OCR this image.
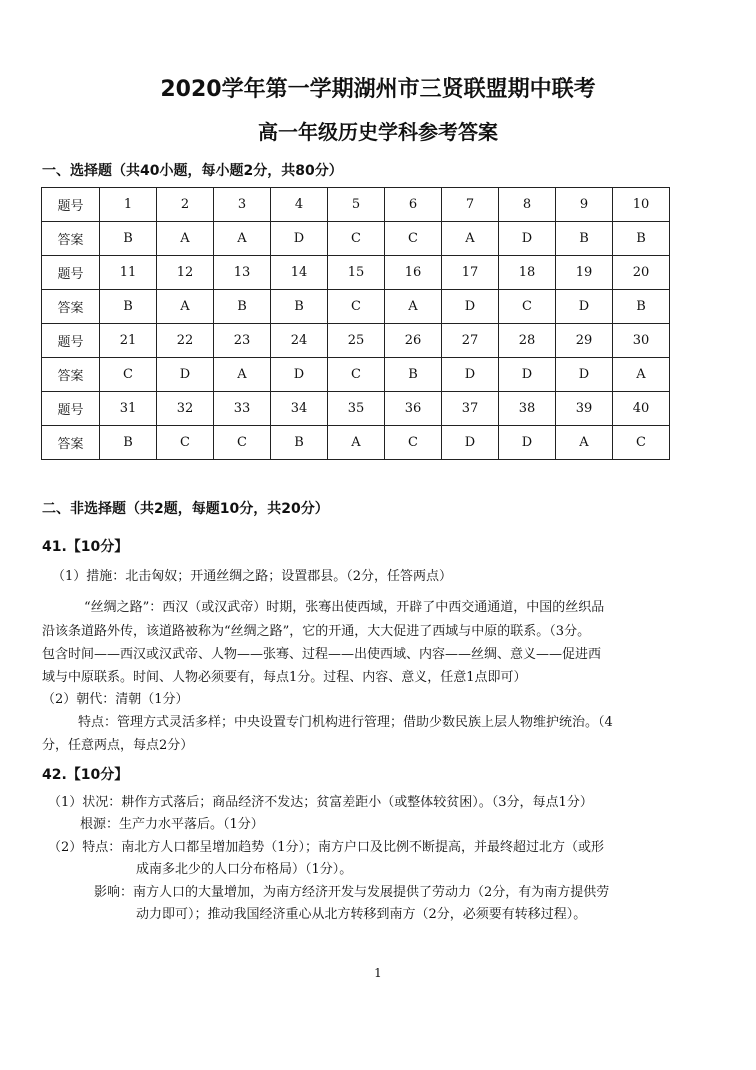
2020学年第一学期湖州市三贤联盟期中联考
高一年级历史学科参考答案
一、选择题（共40小题，每小题2分，共80分）
题号	1	2	3	4	5	6	7	8	9	10
答案	B	A	A	D	C	C	A	D	B	B
题号	11	12	13	14	15	16	17	18	19	20
答案	B	A	B	B	C	A	D	C	D	B
题号	21	22	23	24	25	26	27	28	29	30
答案	C	D	A	D	C	B	D	D	D	A
题号	31	32	33	34	35	36	37	38	39	40
答案	B	C	C	B	A	C	D	D	A	C
二、非选择题（共2题，每题10分，共20分）
41.【10分】
（1）措施：北击匈奴；开通丝绸之路；设置郡县。（2分，任答两点）
“丝绸之路”：西汉（或汉武帝）时期，张骞出使西域，开辟了中西交通通道，中国的丝织品
沿该条道路外传，该道路被称为“丝绸之路”，它的开通，大大促进了西域与中原的联系。（3分。
包含时间——西汉或汉武帝、人物——张骞、过程——出使西域、内容——丝绸、意义——促进西
域与中原联系。时间、人物必须要有，每点1分。过程、内容、意义，任意1点即可）
（2）朝代：清朝（1分）
特点：管理方式灵活多样；中央设置专门机构进行管理；借助少数民族上层人物维护统治。（4
分，任意两点，每点2分）
42.【10分】
（1）状况：耕作方式落后；商品经济不发达；贫富差距小（或整体较贫困）。（3分，每点1分）
根源：生产力水平落后。（1分）
（2）特点：南北方人口都呈增加趋势（1分）；南方户口及比例不断提高，并最终超过北方（或形
成南多北少的人口分布格局）（1分）。
影响：南方人口的大量增加，为南方经济开发与发展提供了劳动力（2分，有为南方提供劳
动力即可）；推动我国经济重心从北方转移到南方（2分，必须要有转移过程）。
1
